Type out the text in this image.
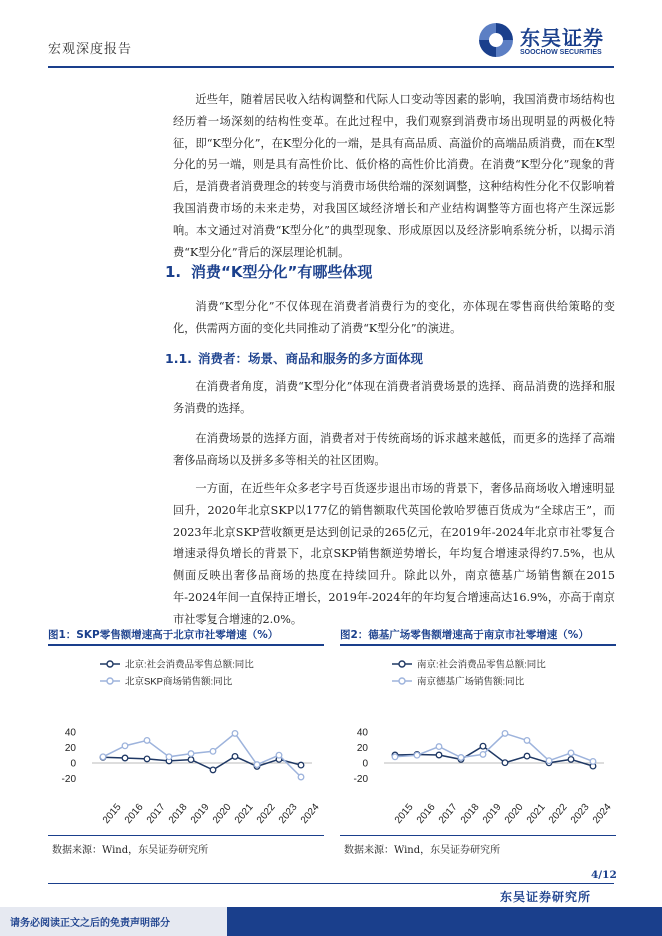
宏观深度报告	东吴证券
SOOCHOW SECURITIES

近些年，随着居民收入结构调整和代际人口变动等因素的影响，我国消费市场结构也经历着一场深刻的结构性变革。在此过程中，我们观察到消费市场出现明显的两极化特征，即“K型分化”，在K型分化的一端，是具有高品质、高溢价的高端品质消费，而在K型分化的另一端，则是具有高性价比、低价格的高性价比消费。在消费“K型分化”现象的背后，是消费者消费理念的转变与消费市场供给端的深刻调整，这种结构性分化不仅影响着我国消费市场的未来走势，对我国区域经济增长和产业结构调整等方面也将产生深远影响。本文通过对消费“K型分化”的典型现象、形成原因以及经济影响系统分析，以揭示消费“K型分化”背后的深层理论机制。

1. 消费“K型分化”有哪些体现

消费“K型分化”不仅体现在消费者消费行为的变化，亦体现在零售商供给策略的变化，供需两方面的变化共同推动了消费“K型分化”的演进。

1.1. 消费者：场景、商品和服务的多方面体现

在消费者角度，消费“K型分化”体现在消费者消费场景的选择、商品消费的选择和服务消费的选择。

在消费场景的选择方面，消费者对于传统商场的诉求越来越低，而更多的选择了高端奢侈品商场以及拼多多等相关的社区团购。

一方面，在近些年众多老字号百货逐步退出市场的背景下，奢侈品商场收入增速明显回升，2020年北京SKP以177亿的销售额取代英国伦敦哈罗德百货成为“全球店王”，而2023年北京SKP营收额更是达到创记录的265亿元，在2019年-2024年北京市社零复合增速录得负增长的背景下，北京SKP销售额逆势增长，年均复合增速录得约7.5%，也从侧面反映出奢侈品商场的热度在持续回升。除此以外，南京德基广场销售额在2015年-2024年间一直保持正增长，2019年-2024年的年均复合增速高达16.9%，亦高于南京市社零复合增速的2.0%。

图1：SKP零售额增速高于北京市社零增速（%）
北京:社会消费品零售总额:同比
北京SKP商场销售额:同比
-20
0
20
40
2015 2016 2017 2018 2019 2020 2021 2022 2023 2024
数据来源：Wind，东吴证券研究所
图2：德基广场零售额增速高于南京市社零增速（%）
南京:社会消费品零售总额:同比
南京德基广场销售额:同比
-20
0
20
40
2015 2016 2017 2018 2019 2020 2021 2022 2023 2024
数据来源：Wind，东吴证券研究所
4/12
东吴证券研究所
请务必阅读正文之后的免责声明部分
